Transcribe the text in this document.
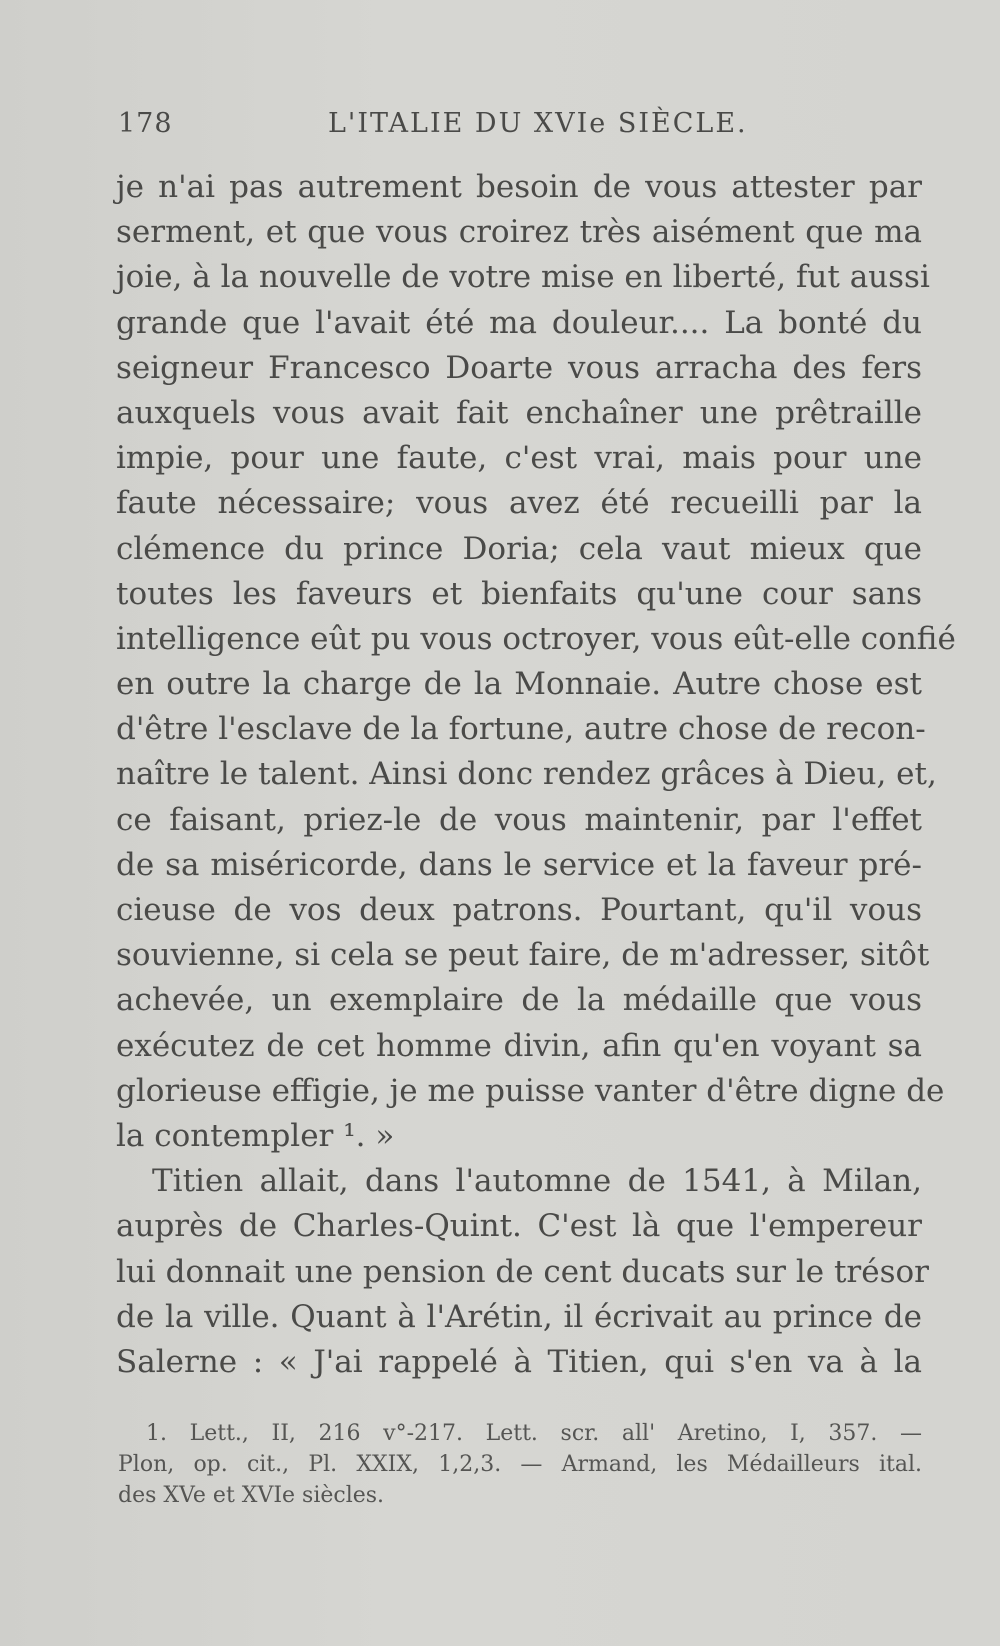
178	L'ITALIE DU XVIe SIÈCLE.
je n'ai pas autrement besoin de vous attester par
serment, et que vous croirez très aisément que ma
joie, à la nouvelle de votre mise en liberté, fut aussi
grande que l'avait été ma douleur.... La bonté du
seigneur Francesco Doarte vous arracha des fers
auxquels vous avait fait enchaîner une prêtraille
impie, pour une faute, c'est vrai, mais pour une
faute nécessaire; vous avez été recueilli par la
clémence du prince Doria; cela vaut mieux que
toutes les faveurs et bienfaits qu'une cour sans
intelligence eût pu vous octroyer, vous eût-elle confié
en outre la charge de la Monnaie. Autre chose est
d'être l'esclave de la fortune, autre chose de recon-
naître le talent. Ainsi donc rendez grâces à Dieu, et,
ce faisant, priez-le de vous maintenir, par l'effet
de sa miséricorde, dans le service et la faveur pré-
cieuse de vos deux patrons. Pourtant, qu'il vous
souvienne, si cela se peut faire, de m'adresser, sitôt
achevée, un exemplaire de la médaille que vous
exécutez de cet homme divin, afin qu'en voyant sa
glorieuse effigie, je me puisse vanter d'être digne de
la contempler ¹. »
Titien allait, dans l'automne de 1541, à Milan,
auprès de Charles-Quint. C'est là que l'empereur
lui donnait une pension de cent ducats sur le trésor
de la ville. Quant à l'Arétin, il écrivait au prince de
Salerne : « J'ai rappelé à Titien, qui s'en va à la
1. Lett., II, 216 v°-217. Lett. scr. all' Aretino, I, 357. —
Plon, op. cit., Pl. XXIX, 1,2,3. — Armand, les Médailleurs ital.
des XVe et XVIe siècles.
